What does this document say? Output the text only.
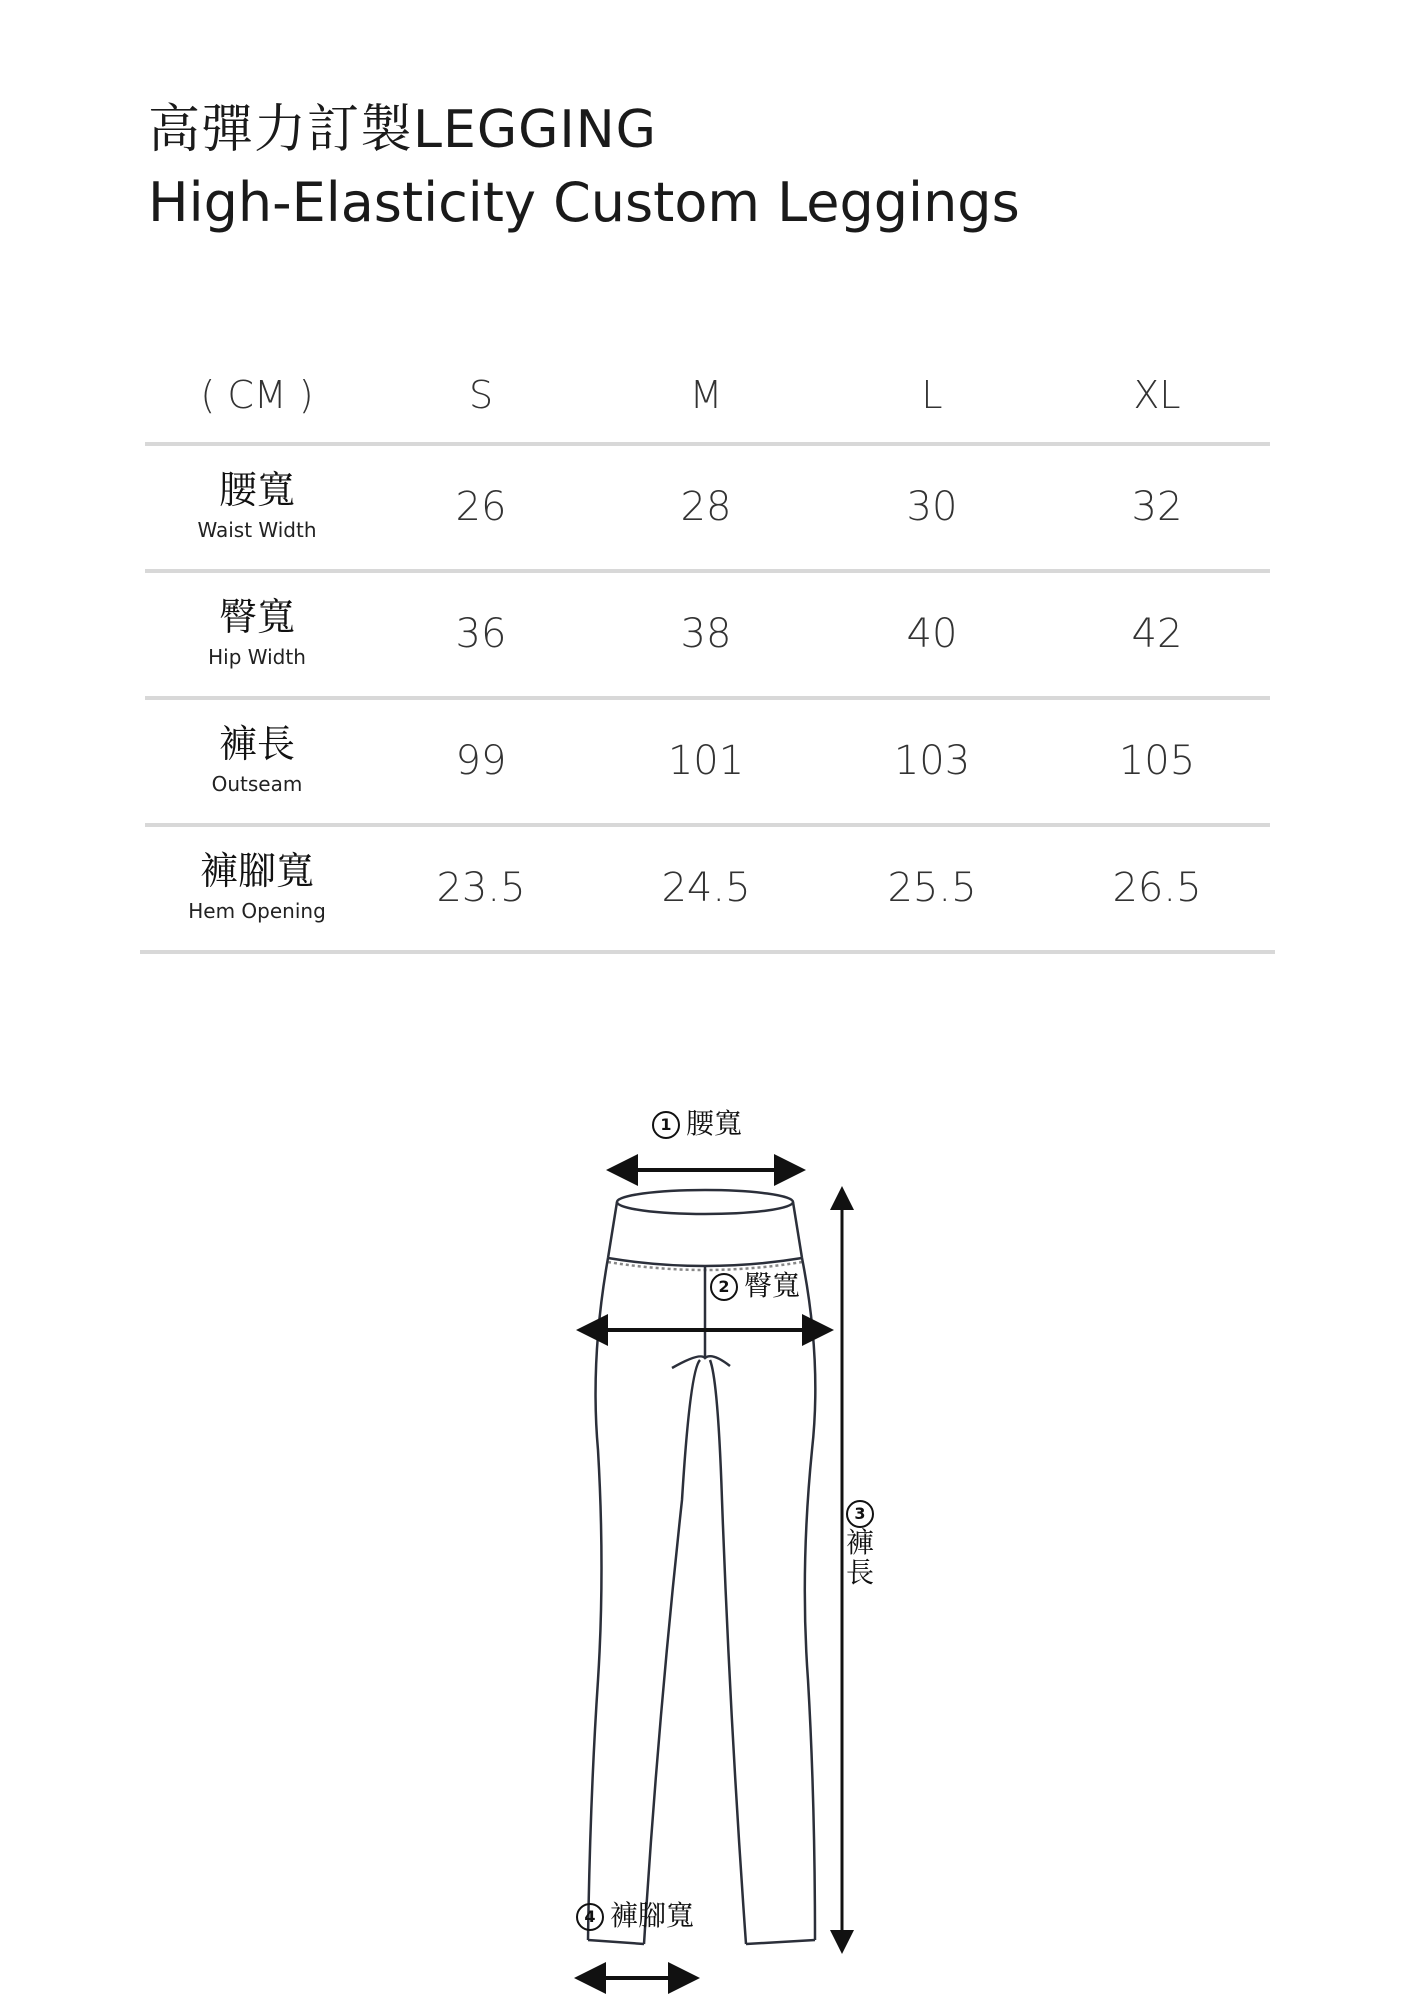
高彈力訂製LEGGING
High-Elasticity Custom Leggings
( CM )	S	M	L	XL
腰寬
Waist Width	26	28	30	32
臀寬
Hip Width	36	38	40	42
褲長
Outseam	99	101	103	105
褲腳寬
Hem Opening	23.5	24.5	25.5	26.5
1 腰寬
2 臀寬
3
褲
長
4 褲腳寬
